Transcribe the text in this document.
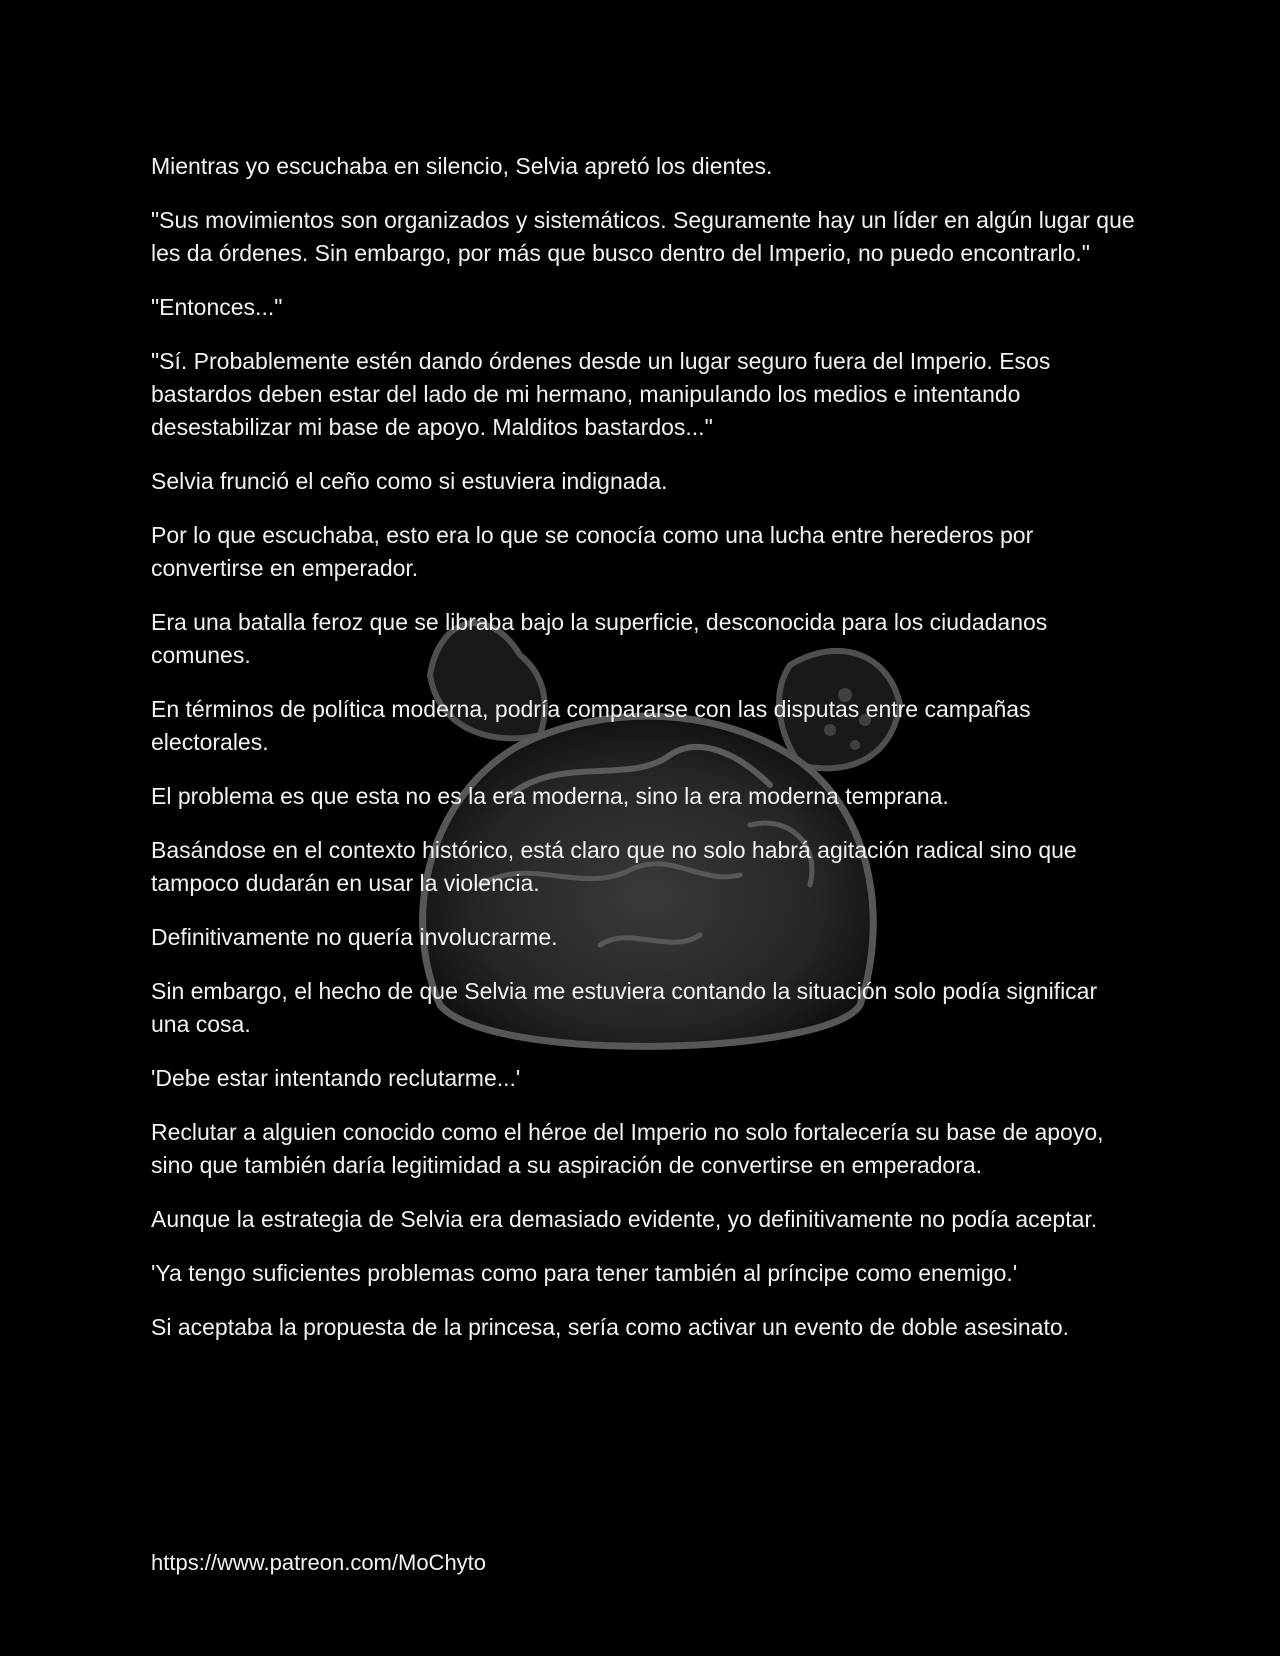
Mientras yo escuchaba en silencio, Selvia apretó los dientes.

"Sus movimientos son organizados y sistemáticos. Seguramente hay un líder en algún lugar que les da órdenes. Sin embargo, por más que busco dentro del Imperio, no puedo encontrarlo."

"Entonces..."

"Sí. Probablemente estén dando órdenes desde un lugar seguro fuera del Imperio. Esos bastardos deben estar del lado de mi hermano, manipulando los medios e intentando desestabilizar mi base de apoyo. Malditos bastardos..."

Selvia frunció el ceño como si estuviera indignada.

Por lo que escuchaba, esto era lo que se conocía como una lucha entre herederos por convertirse en emperador.

Era una batalla feroz que se libraba bajo la superficie, desconocida para los ciudadanos comunes.

En términos de política moderna, podría compararse con las disputas entre campañas electorales.

El problema es que esta no es la era moderna, sino la era moderna temprana.

Basándose en el contexto histórico, está claro que no solo habrá agitación radical sino que tampoco dudarán en usar la violencia.

Definitivamente no quería involucrarme.

Sin embargo, el hecho de que Selvia me estuviera contando la situación solo podía significar una cosa.

'Debe estar intentando reclutarme...'

Reclutar a alguien conocido como el héroe del Imperio no solo fortalecería su base de apoyo, sino que también daría legitimidad a su aspiración de convertirse en emperadora.

Aunque la estrategia de Selvia era demasiado evidente, yo definitivamente no podía aceptar.

'Ya tengo suficientes problemas como para tener también al príncipe como enemigo.'

Si aceptaba la propuesta de la princesa, sería como activar un evento de doble asesinato.

https://www.patreon.com/MoChyto
